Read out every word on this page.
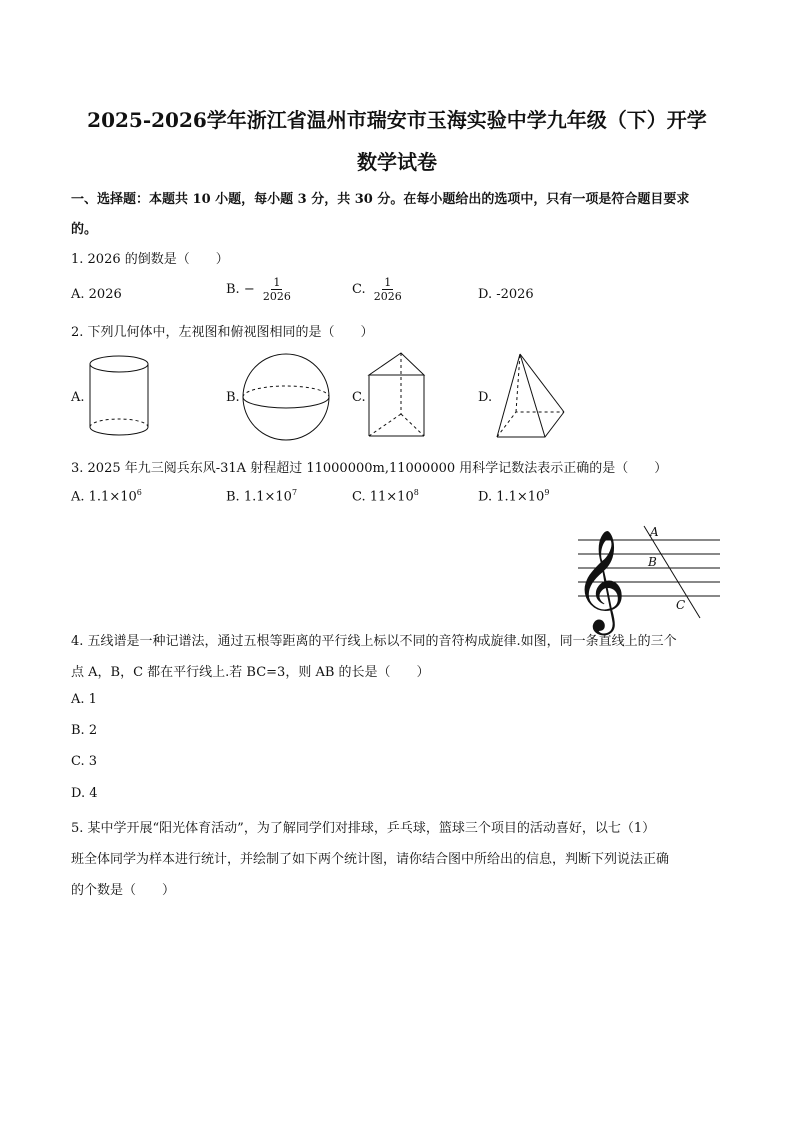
2025-2026学年浙江省温州市瑞安市玉海实验中学九年级（下）开学
数学试卷
一、选择题：本题共 10 小题，每小题 3 分，共 30 分。在每小题给出的选项中，只有一项是符合题目要求
的。
1. 2026 的倒数是（　　）
A. 2026	B. − $\frac{1}{2026}$	C. $\frac{1}{2026}$	D. -2026
2. 下列几何体中，左视图和俯视图相同的是（　　）
A.	B.	C.	D.
3. 2025 年九三阅兵东风-31A 射程超过 11000000m,11000000 用科学记数法表示正确的是（　　）
A. $1.1\times 10^6$	B. $1.1\times 10^7$	C. $11\times 10^8$	D. $1.1\times 10^9$
𝄞 A
B
C
4. 五线谱是一种记谱法，通过五根等距离的平行线上标以不同的音符构成旋律.如图，同一条直线上的三个
点 A，B，C 都在平行线上.若 BC=3，则 AB 的长是（　　）
A. 1
B. 2
C. 3
D. 4
5. 某中学开展“阳光体育活动”，为了解同学们对排球，乒乓球，篮球三个项目的活动喜好，以七（1）
班全体同学为样本进行统计，并绘制了如下两个统计图，请你结合图中所给出的信息，判断下列说法正确
的个数是（　　）
